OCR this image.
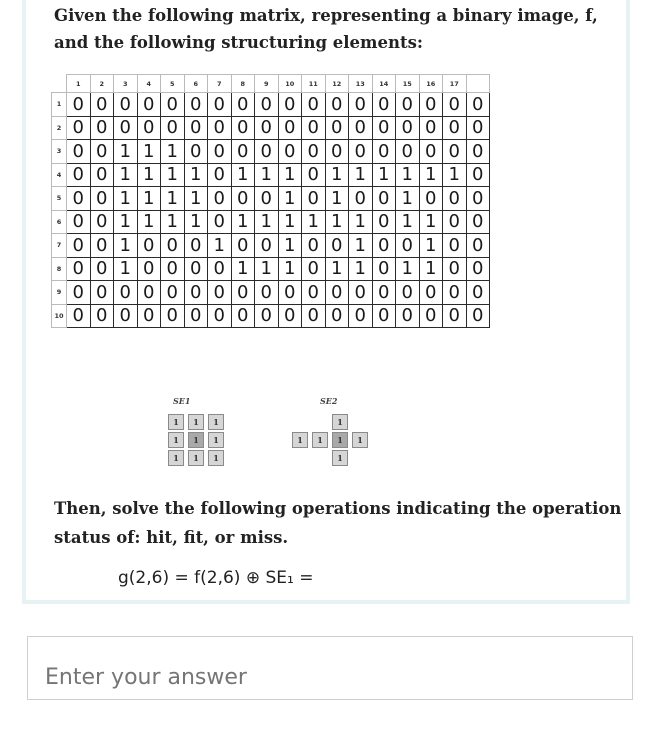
Given the following matrix, representing a binary image, f,
and the following structuring elements:
	1	2	3	4	5	6	7	8	9	10	11	12	13	14	15	16	17	
1	0	0	0	0	0	0	0	0	0	0	0	0	0	0	0	0	0	0
2	0	0	0	0	0	0	0	0	0	0	0	0	0	0	0	0	0	0
3	0	0	1	1	1	0	0	0	0	0	0	0	0	0	0	0	0	0
4	0	0	1	1	1	1	0	1	1	1	0	1	1	1	1	1	1	0
5	0	0	1	1	1	1	0	0	0	1	0	1	0	0	1	0	0	0
6	0	0	1	1	1	1	0	1	1	1	1	1	1	0	1	1	0	0
7	0	0	1	0	0	0	1	0	0	1	0	0	1	0	0	1	0	0
8	0	0	1	0	0	0	0	1	1	1	0	1	1	0	1	1	0	0
9	0	0	0	0	0	0	0	0	0	0	0	0	0	0	0	0	0	0
10	0	0	0	0	0	0	0	0	0	0	0	0	0	0	0	0	0	0
SE1
1	1	1
1	1	1
1	1	1
SE2
1
1	1	1	1
1
Then, solve the following operations indicating the operation
status of: hit, fit, or miss.
g(2,6) = f(2,6) ⊕ SE₁ =
Enter your answer
